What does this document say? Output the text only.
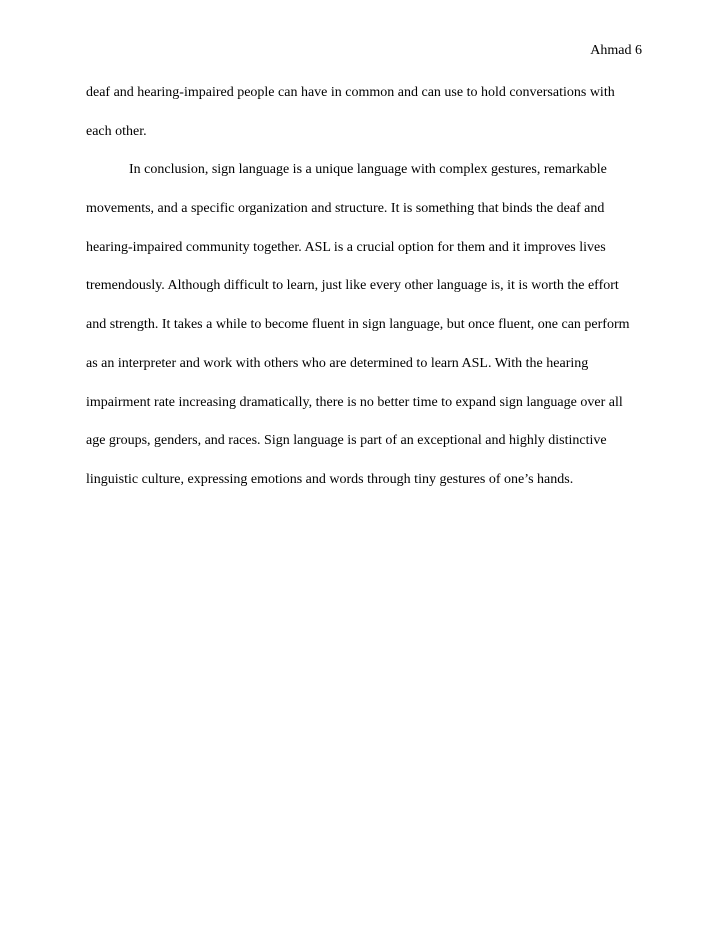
Ahmad 6
deaf and hearing-impaired people can have in common and can use to hold conversations with
each other.
In conclusion, sign language is a unique language with complex gestures, remarkable
movements, and a specific organization and structure. It is something that binds the deaf and
hearing-impaired community together. ASL is a crucial option for them and it improves lives
tremendously. Although difficult to learn, just like every other language is, it is worth the effort
and strength. It takes a while to become fluent in sign language, but once fluent, one can perform
as an interpreter and work with others who are determined to learn ASL. With the hearing
impairment rate increasing dramatically, there is no better time to expand sign language over all
age groups, genders, and races. Sign language is part of an exceptional and highly distinctive
linguistic culture, expressing emotions and words through tiny gestures of one’s hands.
